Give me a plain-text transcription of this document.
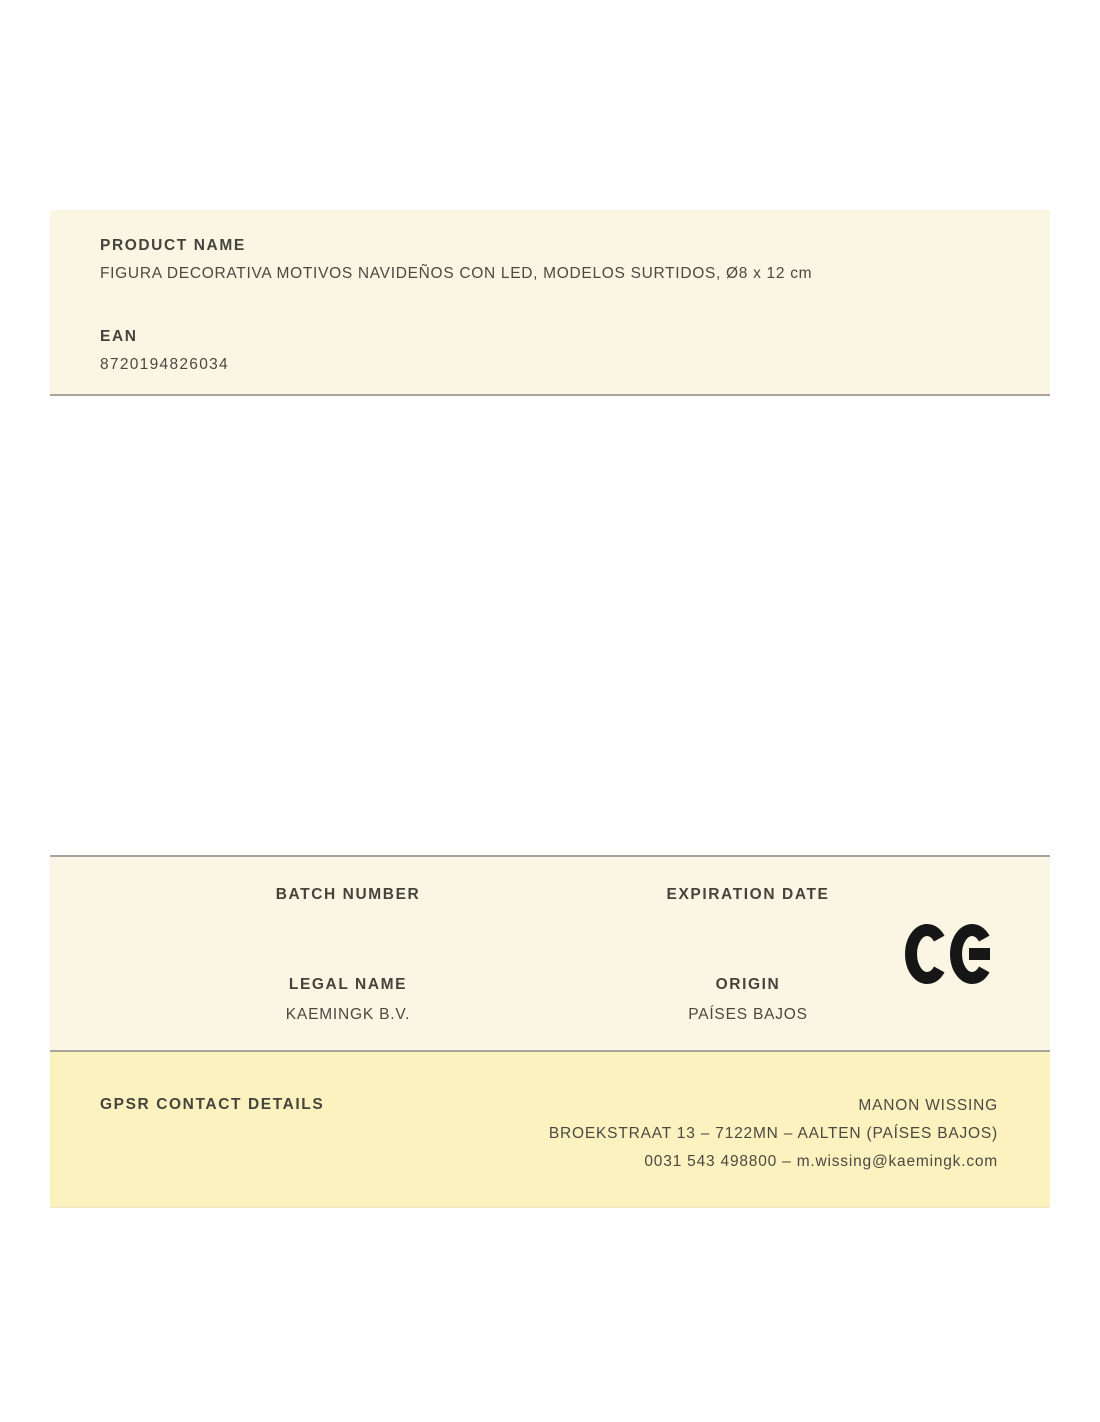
PRODUCT NAME
FIGURA DECORATIVA MOTIVOS NAVIDEÑOS CON LED, MODELOS SURTIDOS, Ø8 x 12 cm
EAN
8720194826034
BATCH NUMBER	EXPIRATION DATE
LEGAL NAME
KAEMINGK B.V.
ORIGIN
PAÍSES BAJOS
GPSR CONTACT DETAILS	MANON WISSING
BROEKSTRAAT 13 – 7122MN – AALTEN (PAÍSES BAJOS)
0031 543 498800 – m.wissing@kaemingk.com
